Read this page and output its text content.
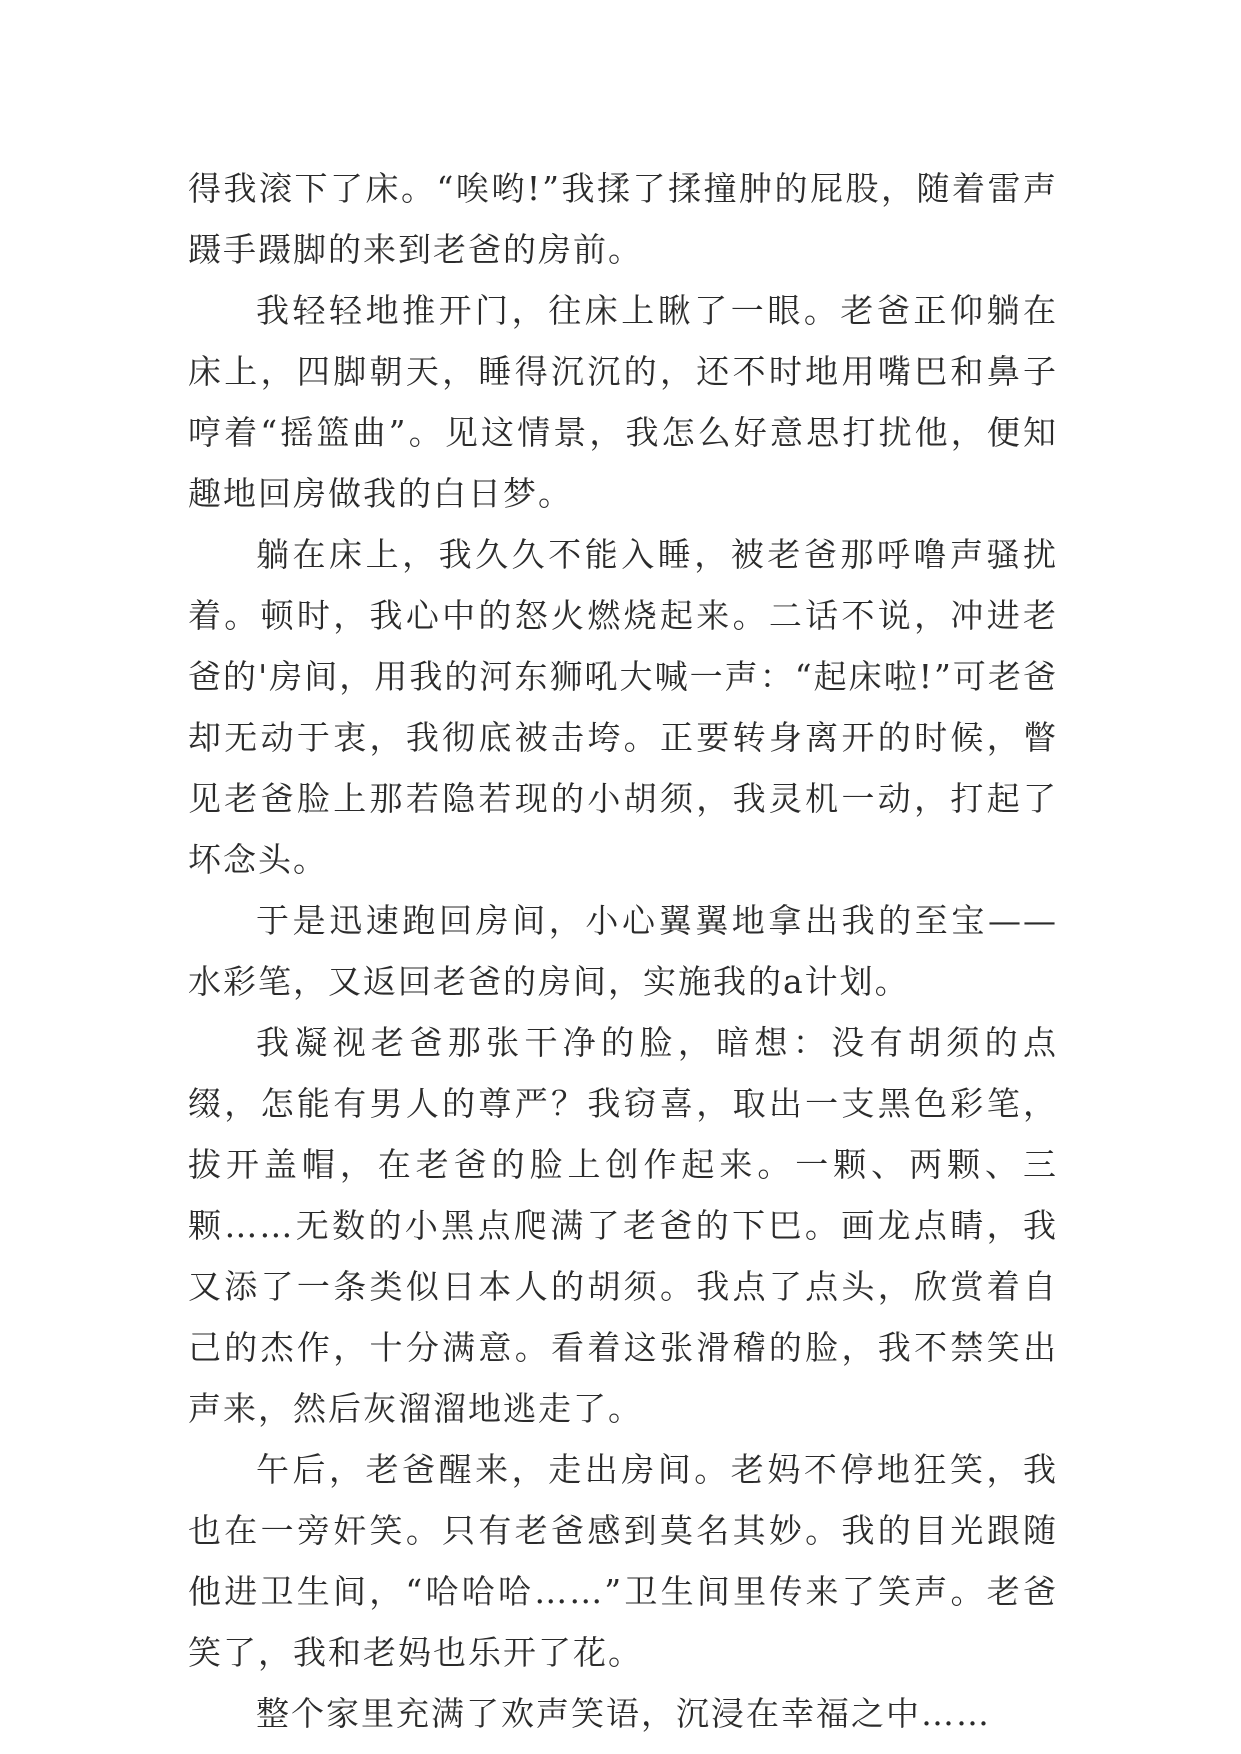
得我滚下了床。“唉哟!”我揉了揉撞肿的屁股，随着雷声蹑手蹑脚的来到老爸的房前。

我轻轻地推开门，往床上瞅了一眼。老爸正仰躺在床上，四脚朝天，睡得沉沉的，还不时地用嘴巴和鼻子哼着“摇篮曲”。见这情景，我怎么好意思打扰他，便知趣地回房做我的白日梦。

躺在床上，我久久不能入睡，被老爸那呼噜声骚扰着。顿时，我心中的怒火燃烧起来。二话不说，冲进老爸的'房间，用我的河东狮吼大喊一声：“起床啦!”可老爸却无动于衷，我彻底被击垮。正要转身离开的时候，瞥见老爸脸上那若隐若现的小胡须，我灵机一动，打起了坏念头。

于是迅速跑回房间，小心翼翼地拿出我的至宝——水彩笔，又返回老爸的房间，实施我的a计划。

我凝视老爸那张干净的脸，暗想：没有胡须的点缀，怎能有男人的尊严？我窃喜，取出一支黑色彩笔，拔开盖帽，在老爸的脸上创作起来。一颗、两颗、三颗……无数的小黑点爬满了老爸的下巴。画龙点睛，我又添了一条类似日本人的胡须。我点了点头，欣赏着自己的杰作，十分满意。看着这张滑稽的脸，我不禁笑出声来，然后灰溜溜地逃走了。

午后，老爸醒来，走出房间。老妈不停地狂笑，我也在一旁奸笑。只有老爸感到莫名其妙。我的目光跟随他进卫生间，“哈哈哈……”卫生间里传来了笑声。老爸笑了，我和老妈也乐开了花。

整个家里充满了欢声笑语，沉浸在幸福之中……
